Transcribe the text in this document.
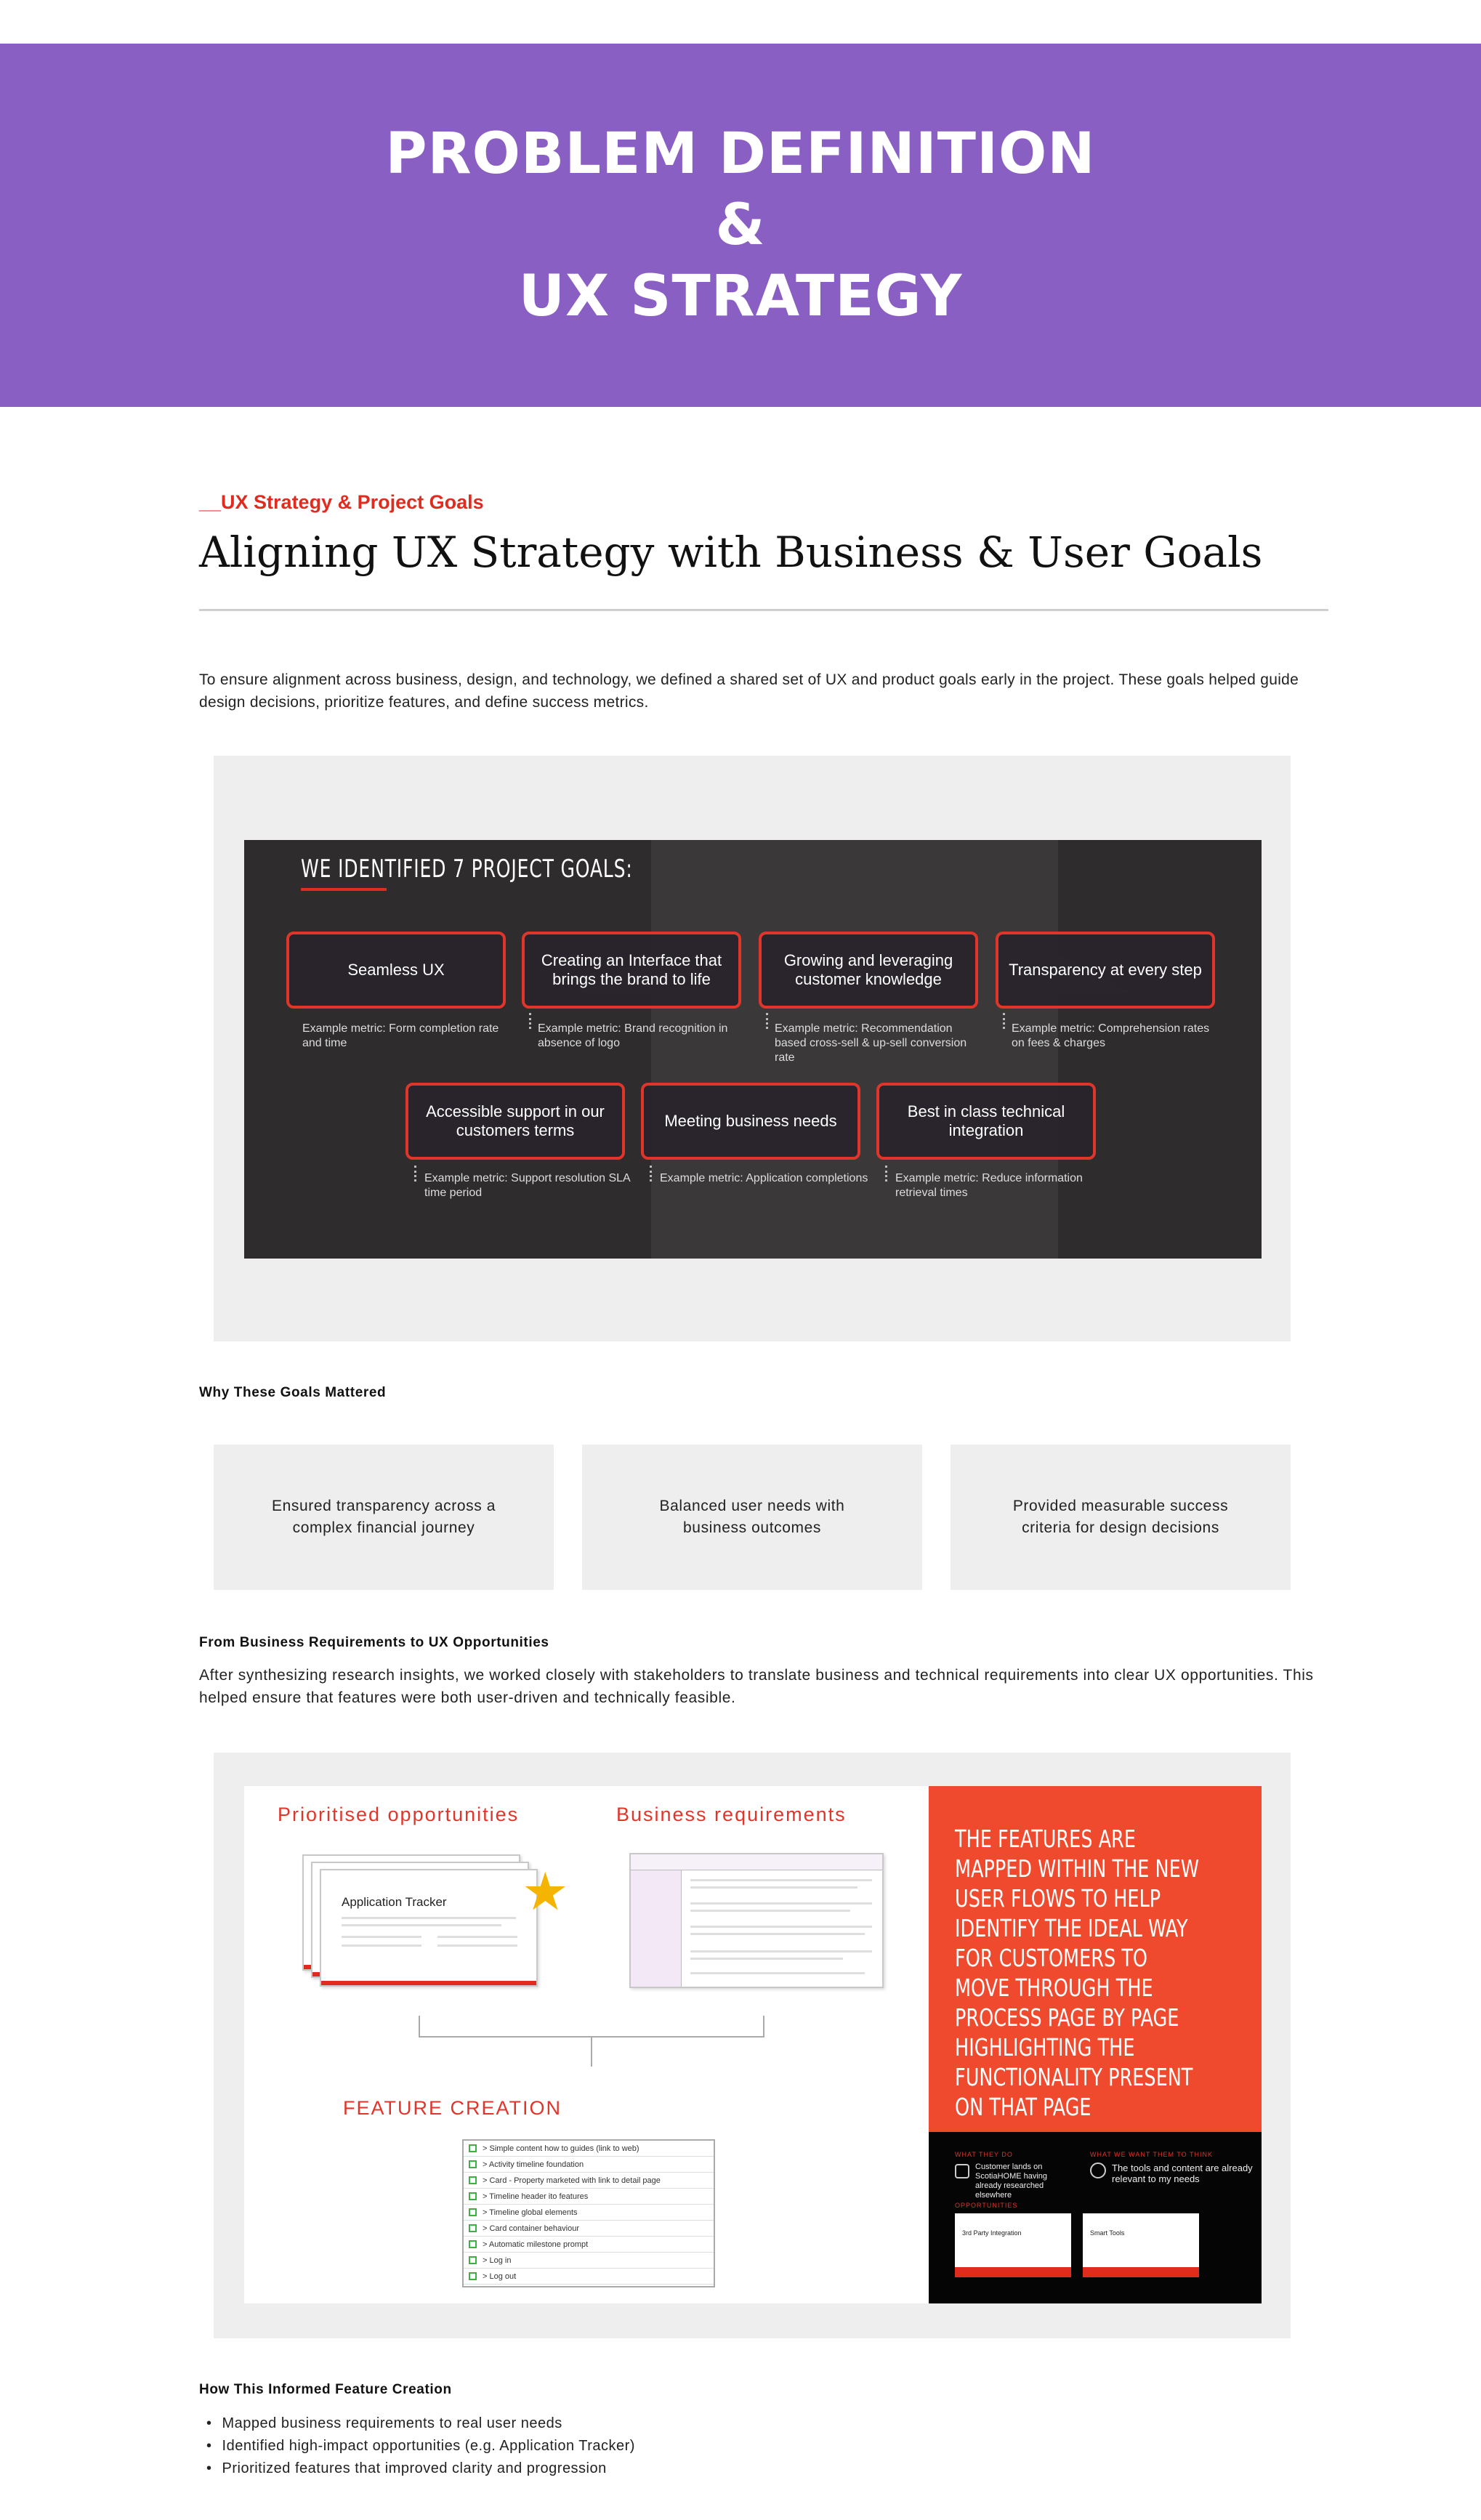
PROBLEM DEFINITION
&
UX STRATEGY
__UX Strategy & Project Goals
Aligning UX Strategy with Business & User Goals

To ensure alignment across business, design, and technology, we defined a shared set of UX and product goals early in the project. These goals helped guide design decisions, prioritize features, and define success metrics.

WE IDENTIFIED 7 PROJECT GOALS:
Seamless UX
Example metric: Form completion rate and time
Creating an Interface that brings the brand to life
Example metric: Brand recognition in absence of logo
Growing and leveraging customer knowledge
Example metric: Recommendation based cross-sell & up-sell conversion rate
Transparency at every step
Example metric: Comprehension rates on fees & charges
Accessible support in our customers terms
Example metric: Support resolution SLA time period
Meeting business needs
Example metric: Application completions
Best in class technical integration
Example metric: Reduce information retrieval times
Why These Goals Mattered
Ensured transparency across a complex financial journey
Balanced user needs with business outcomes
Provided measurable success criteria for design decisions
From Business Requirements to UX Opportunities

After synthesizing research insights, we worked closely with stakeholders to translate business and technical requirements into clear UX opportunities. This helped ensure that features were both user-driven and technically feasible.

Prioritised opportunities	Business requirements
Application Tracker ★
FEATURE CREATION
> Simple content how to guides (link to web)
> Activity timeline foundation
> Card - Property marketed with link to detail page
> Timeline header ito features
> Timeline global elements
> Card container behaviour
> Automatic milestone prompt
> Log in
> Log out
THE FEATURES ARE MAPPED WITHIN THE NEW USER FLOWS TO HELP IDENTIFY THE IDEAL WAY FOR CUSTOMERS TO MOVE THROUGH THE PROCESS PAGE BY PAGE HIGHLIGHTING THE FUNCTIONALITY PRESENT ON THAT PAGE
WHAT THEY DO
Customer lands on ScotiaHOME having already researched elsewhere
WHAT WE WANT THEM TO THINK
The tools and content are already relevant to my needs
OPPORTUNITIES
3rd Party Integration	Smart Tools
How This Informed Feature Creation
• Mapped business requirements to real user needs
• Identified high-impact opportunities (e.g. Application Tracker)
• Prioritized features that improved clarity and progression
